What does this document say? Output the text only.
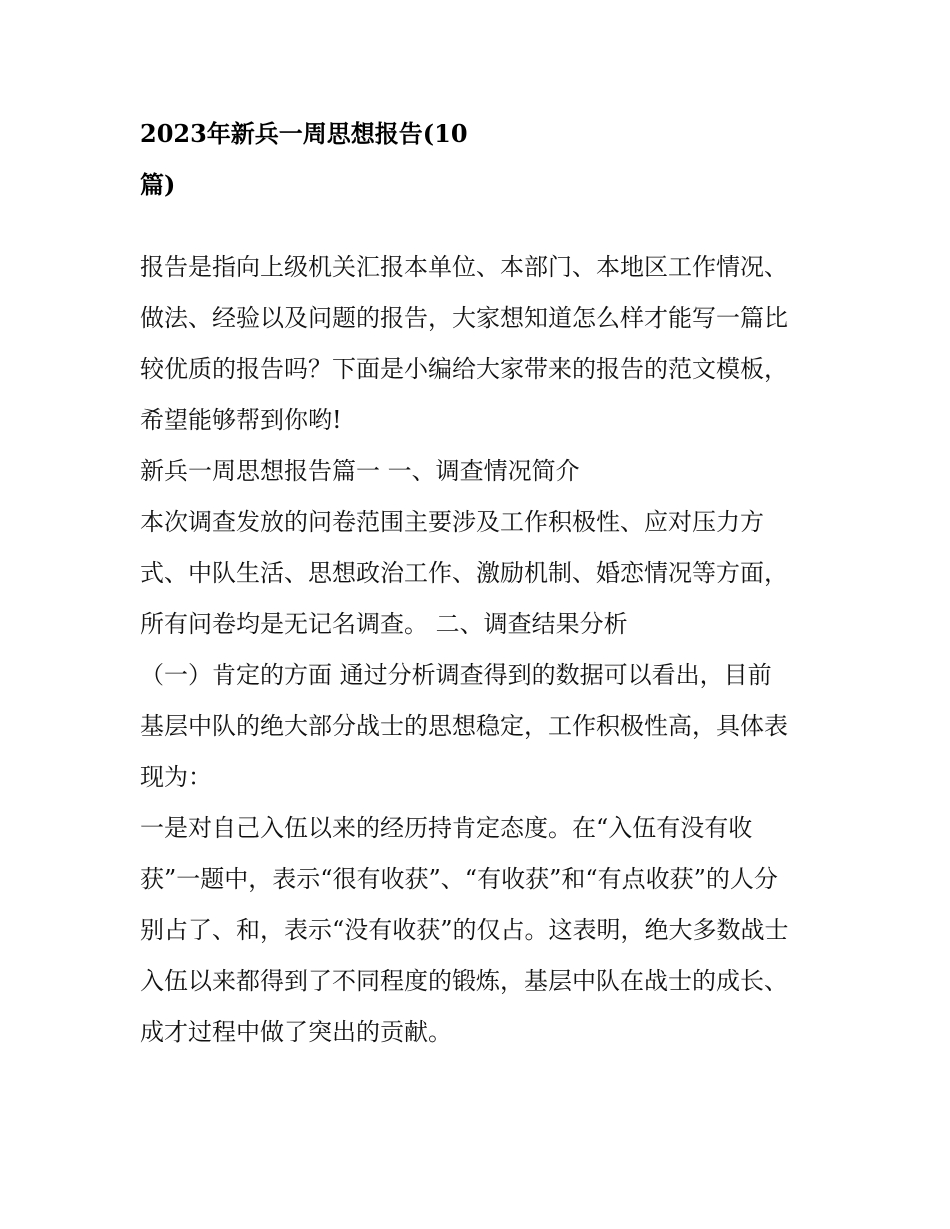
2023年新兵一周思想报告(10
篇)
报告是指向上级机关汇报本单位、本部门、本地区工作情况、
做法、经验以及问题的报告，大家想知道怎么样才能写一篇比
较优质的报告吗？下面是小编给大家带来的报告的范文模板，
希望能够帮到你哟!
新兵一周思想报告篇一 一、调查情况简介
本次调查发放的问卷范围主要涉及工作积极性、应对压力方
式、中队生活、思想政治工作、激励机制、婚恋情况等方面，
所有问卷均是无记名调查。 二、调查结果分析
（一）肯定的方面 通过分析调查得到的数据可以看出，目前
基层中队的绝大部分战士的思想稳定，工作积极性高，具体表
现为：
一是对自己入伍以来的经历持肯定态度。在“入伍有没有收
获”一题中，表示“很有收获”、“有收获”和“有点收获”的人分
别占了、和，表示“没有收获”的仅占。这表明，绝大多数战士
入伍以来都得到了不同程度的锻炼，基层中队在战士的成长、
成才过程中做了突出的贡献。
